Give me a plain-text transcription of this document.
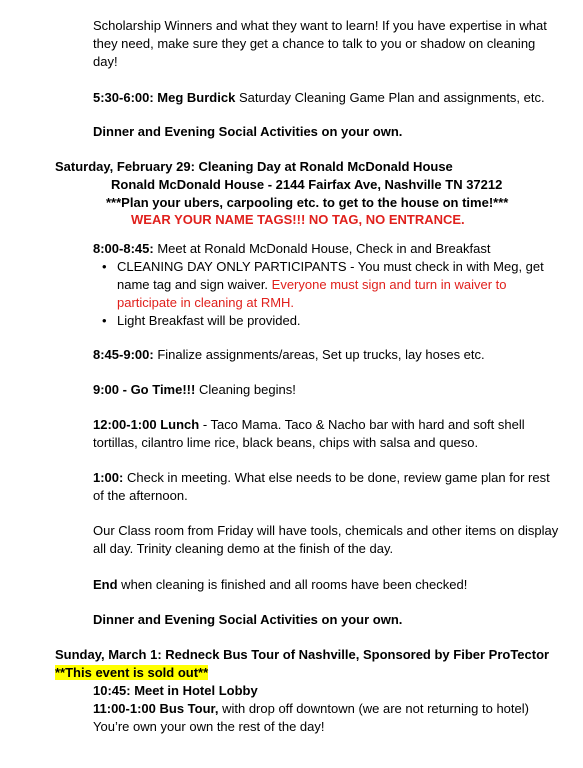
Scholarship Winners and what they want to learn! If you have expertise in what they need, make sure they get a chance to talk to you or shadow on cleaning day!
5:30-6:00: Meg Burdick Saturday Cleaning Game Plan and assignments, etc.
Dinner and Evening Social Activities on your own.
Saturday, February 29: Cleaning Day at Ronald McDonald House
Ronald McDonald House - 2144 Fairfax Ave, Nashville TN 37212
***Plan your ubers, carpooling etc. to get to the house on time!***
WEAR YOUR NAME TAGS!!! NO TAG, NO ENTRANCE.
8:00-8:45: Meet at Ronald McDonald House, Check in and Breakfast
• CLEANING DAY ONLY PARTICIPANTS - You must check in with Meg, get name tag and sign waiver. Everyone must sign and turn in waiver to participate in cleaning at RMH.
• Light Breakfast will be provided.
8:45-9:00: Finalize assignments/areas, Set up trucks, lay hoses etc.
9:00 - Go Time!!! Cleaning begins!
12:00-1:00 Lunch - Taco Mama. Taco & Nacho bar with hard and soft shell tortillas, cilantro lime rice, black beans, chips with salsa and queso.
1:00: Check in meeting. What else needs to be done, review game plan for rest of the afternoon.
Our Class room from Friday will have tools, chemicals and other items on display all day. Trinity cleaning demo at the finish of the day.
End when cleaning is finished and all rooms have been checked!
Dinner and Evening Social Activities on your own.
Sunday, March 1: Redneck Bus Tour of Nashville, Sponsored by Fiber ProTector
**This event is sold out**
10:45: Meet in Hotel Lobby
11:00-1:00 Bus Tour, with drop off downtown (we are not returning to hotel)
You’re own your own the rest of the day!
